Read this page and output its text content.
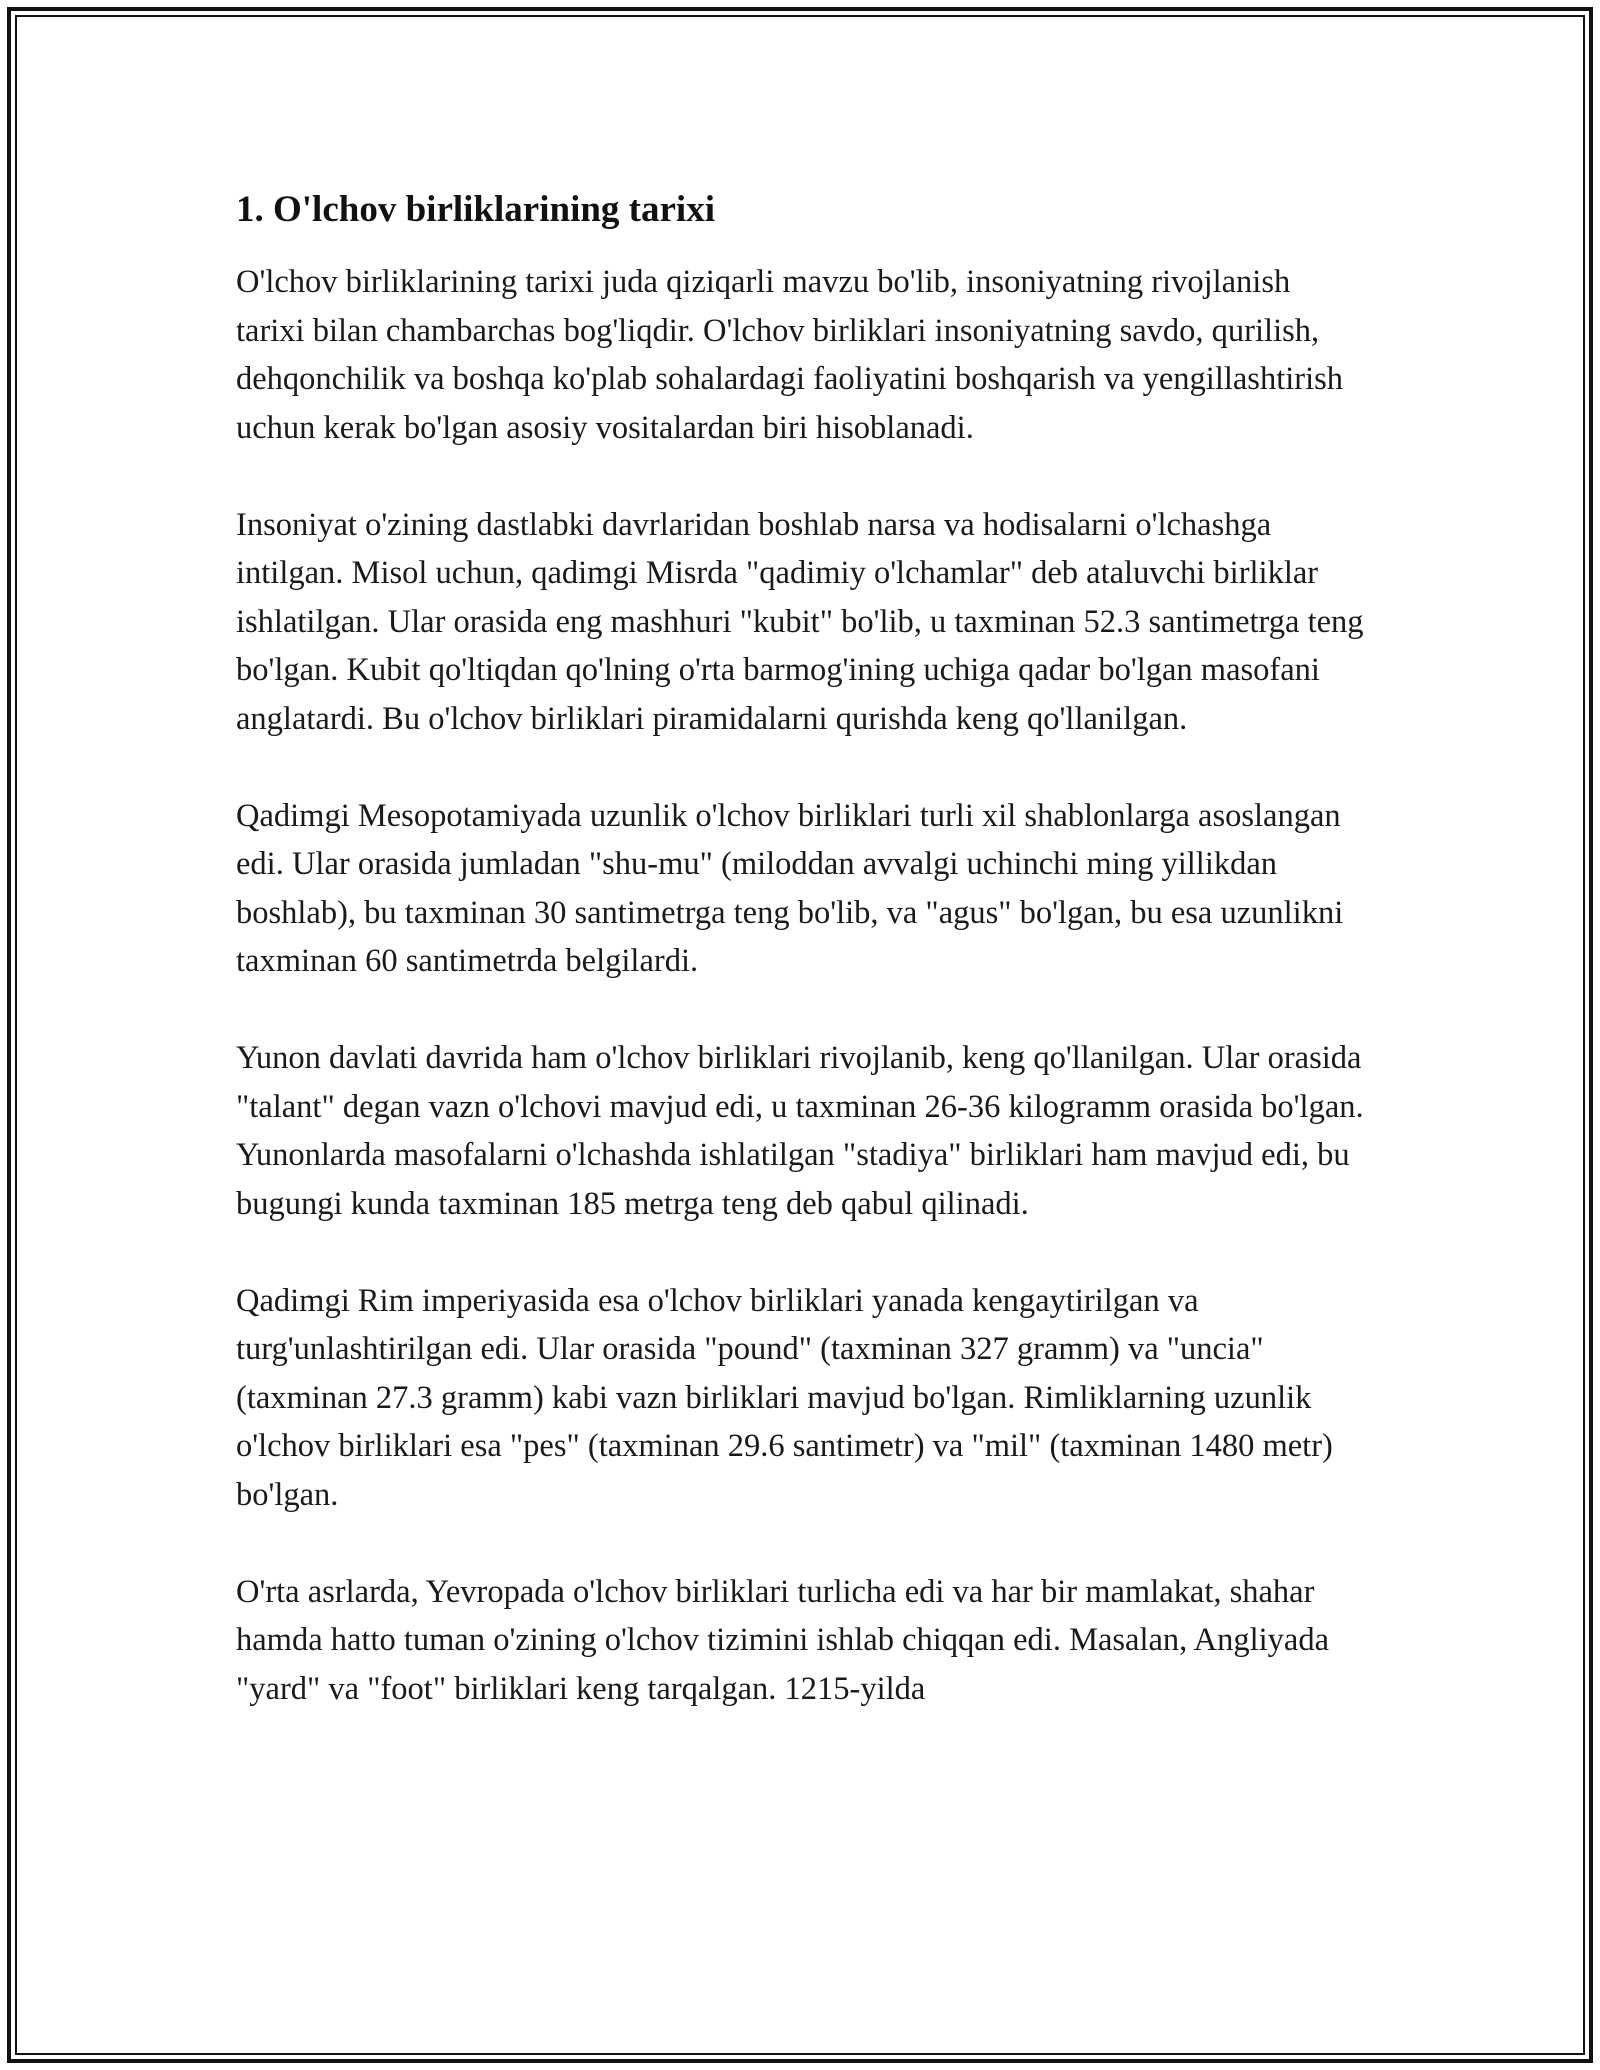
1. O'lchov birliklarining tarixi

O'lchov birliklarining tarixi juda qiziqarli mavzu bo'lib, insoniyatning rivojlanish tarixi bilan chambarchas bog'liqdir. O'lchov birliklari insoniyatning savdo, qurilish, dehqonchilik va boshqa ko'plab sohalardagi faoliyatini boshqarish va yengillashtirish uchun kerak bo'lgan asosiy vositalardan biri hisoblanadi.

Insoniyat o'zining dastlabki davrlaridan boshlab narsa va hodisalarni o'lchashga intilgan. Misol uchun, qadimgi Misrda "qadimiy o'lchamlar" deb ataluvchi birliklar ishlatilgan. Ular orasida eng mashhuri "kubit" bo'lib, u taxminan 52.3 santimetrga teng bo'lgan. Kubit qo'ltiqdan qo'lning o'rta barmog'ining uchiga qadar bo'lgan masofani anglatardi. Bu o'lchov birliklari piramidalarni qurishda keng qo'llanilgan.

Qadimgi Mesopotamiyada uzunlik o'lchov birliklari turli xil shablonlarga asoslangan edi. Ular orasida jumladan "shu-mu" (miloddan avvalgi uchinchi ming yillikdan boshlab), bu taxminan 30 santimetrga teng bo'lib, va "agus" bo'lgan, bu esa uzunlikni taxminan 60 santimetrda belgilardi.

Yunon davlati davrida ham o'lchov birliklari rivojlanib, keng qo'llanilgan. Ular orasida "talant" degan vazn o'lchovi mavjud edi, u taxminan 26-36 kilogramm orasida bo'lgan. Yunonlarda masofalarni o'lchashda ishlatilgan "stadiya" birliklari ham mavjud edi, bu bugungi kunda taxminan 185 metrga teng deb qabul qilinadi.

Qadimgi Rim imperiyasida esa o'lchov birliklari yanada kengaytirilgan va turg'unlashtirilgan edi. Ular orasida "pound" (taxminan 327 gramm) va "uncia" (taxminan 27.3 gramm) kabi vazn birliklari mavjud bo'lgan. Rimliklarning uzunlik o'lchov birliklari esa "pes" (taxminan 29.6 santimetr) va "mil" (taxminan 1480 metr) bo'lgan.

O'rta asrlarda, Yevropada o'lchov birliklari turlicha edi va har bir mamlakat, shahar hamda hatto tuman o'zining o'lchov tizimini ishlab chiqqan edi. Masalan, Angliyada "yard" va "foot" birliklari keng tarqalgan. 1215-yilda
